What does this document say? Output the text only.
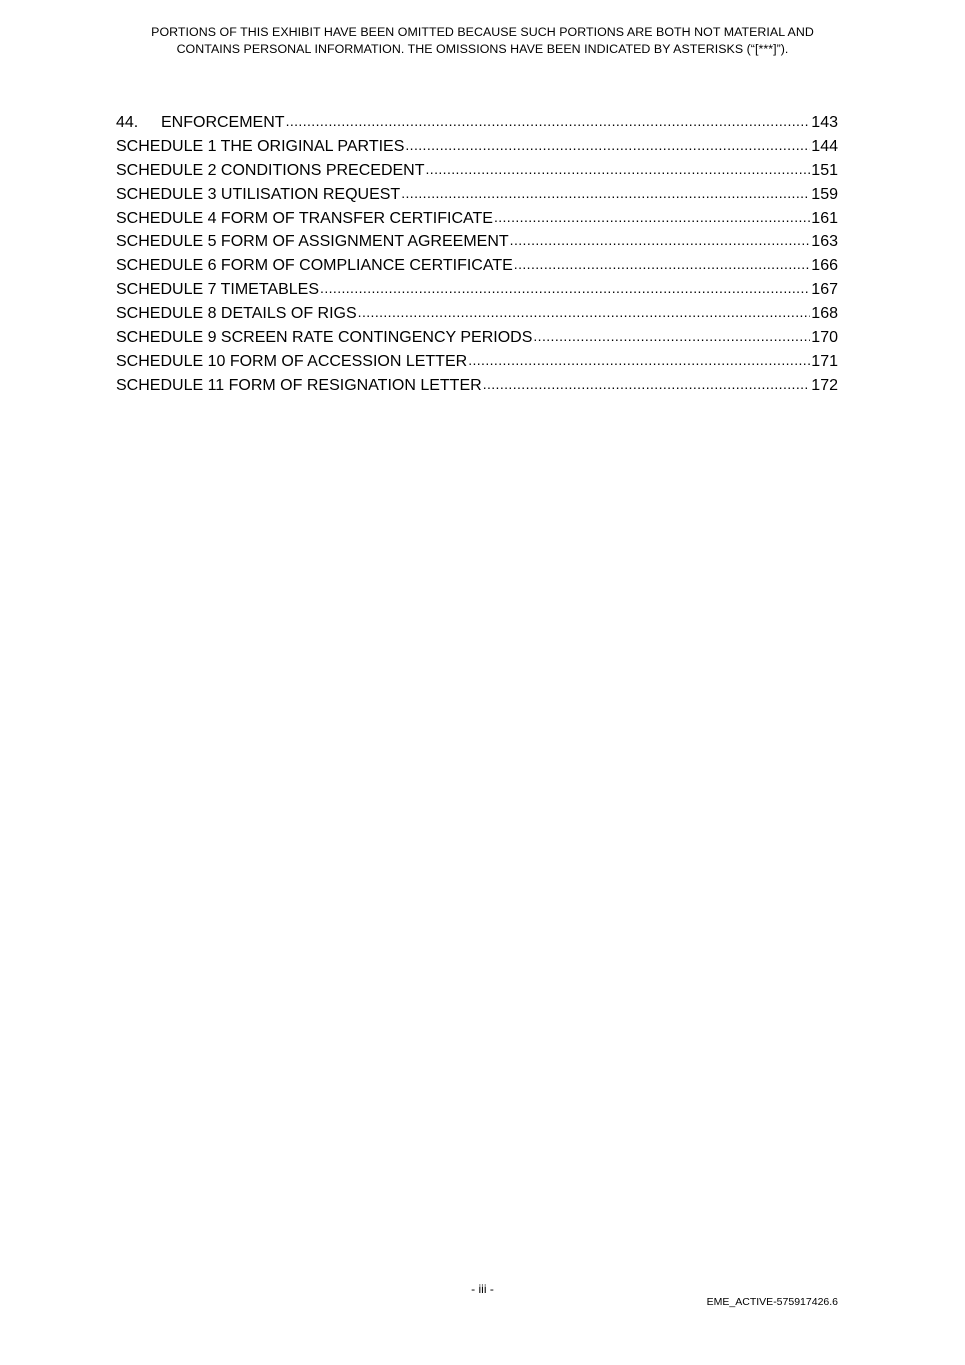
PORTIONS OF THIS EXHIBIT HAVE BEEN OMITTED BECAUSE SUCH PORTIONS ARE BOTH NOT MATERIAL AND
CONTAINS PERSONAL INFORMATION. THE OMISSIONS HAVE BEEN INDICATED BY ASTERISKS (“[***]”).
44.	ENFORCEMENT .....	143
SCHEDULE 1 THE ORIGINAL PARTIES .....	144
SCHEDULE 2 CONDITIONS PRECEDENT .....	151
SCHEDULE 3 UTILISATION REQUEST .....	159
SCHEDULE 4 FORM OF TRANSFER CERTIFICATE .....	161
SCHEDULE 5 FORM OF ASSIGNMENT AGREEMENT .....	163
SCHEDULE 6 FORM OF COMPLIANCE CERTIFICATE .....	166
SCHEDULE 7 TIMETABLES .....	167
SCHEDULE 8 DETAILS OF RIGS .....	168
SCHEDULE 9 SCREEN RATE CONTINGENCY PERIODS .....	170
SCHEDULE 10 FORM OF ACCESSION LETTER .....	171
SCHEDULE 11 FORM OF RESIGNATION LETTER .....	172
- iii -
EME_ACTIVE-575917426.6
